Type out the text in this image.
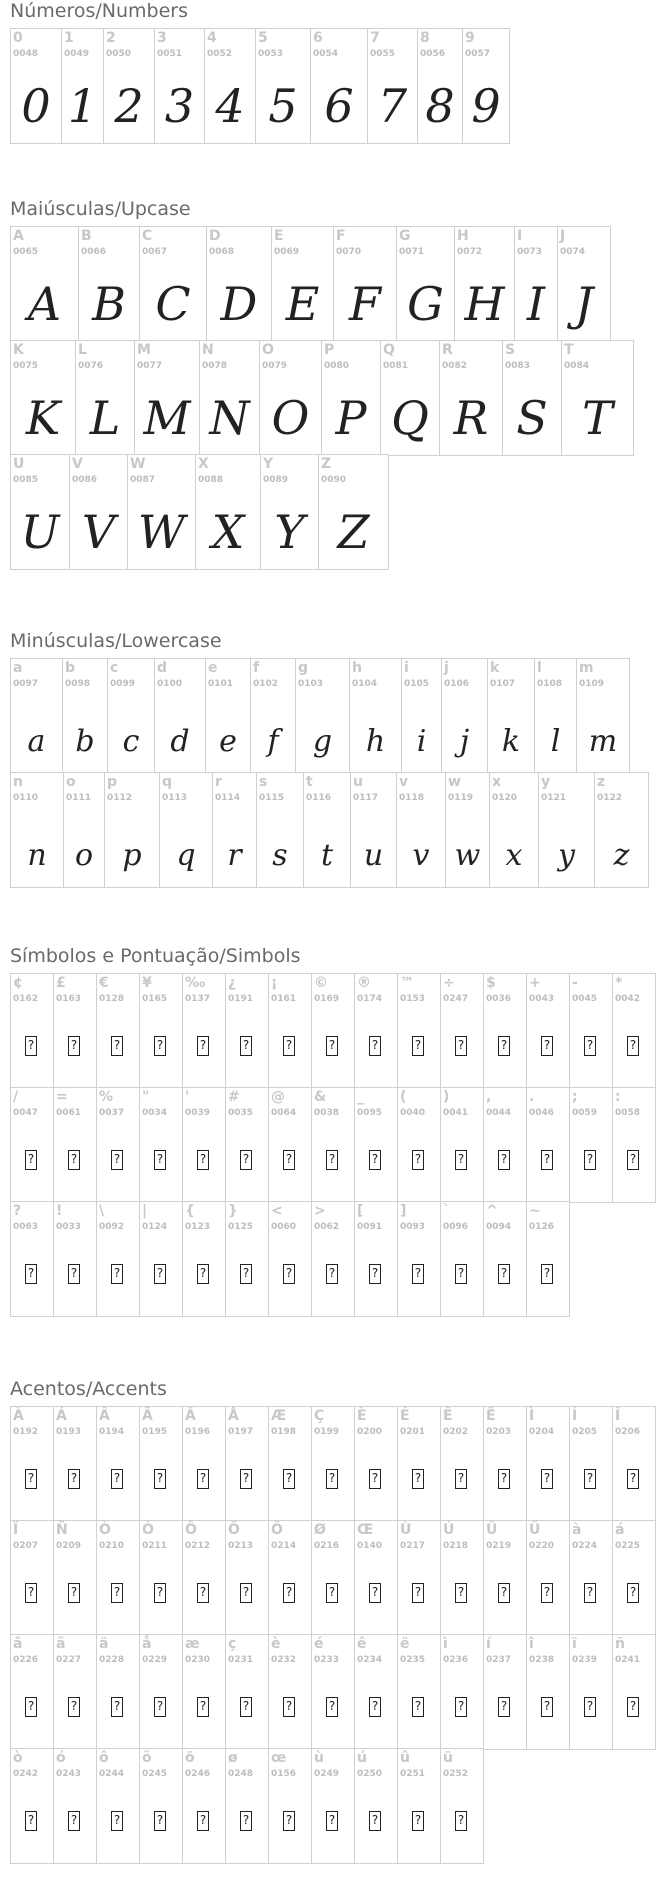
Números/Numbers
0
0048
0
1
0049
1
2
0050
2
3
0051
3
4
0052
4
5
0053
5
6
0054
6
7
0055
7
8
0056
8
9
0057
9
Maiúsculas/Upcase
A
0065
A
B
0066
B
C
0067
C
D
0068
D
E
0069
E
F
0070
F
G
0071
G
H
0072
H
I
0073
I
J
0074
J
K
0075
K
L
0076
L
M
0077
M
N
0078
N
O
0079
O
P
0080
P
Q
0081
Q
R
0082
R
S
0083
S
T
0084
T
U
0085
U
V
0086
V
W
0087
W
X
0088
X
Y
0089
Y
Z
0090
Z
Minúsculas/Lowercase
a
0097
a
b
0098
b
c
0099
c
d
0100
d
e
0101
e
f
0102
f
g
0103
g
h
0104
h
i
0105
i
j
0106
j
k
0107
k
l
0108
l
m
0109
m
n
0110
n
o
0111
o
p
0112
p
q
0113
q
r
0114
r
s
0115
s
t
0116
t
u
0117
u
v
0118
v
w
0119
w
x
0120
x
y
0121
y
z
0122
z
Símbolos e Pontuação/Simbols
¢
0162
?
£
0163
?
€
0128
?
¥
0165
?
‰
0137
?
¿
0191
?
¡
0161
?
©
0169
?
®
0174
?
™
0153
?
÷
0247
?
$
0036
?
+
0043
?
-
0045
?
*
0042
?
/
0047
?
=
0061
?
%
0037
?
"
0034
?
'
0039
?
#
0035
?
@
0064
?
&
0038
?
_
0095
?
(
0040
?
)
0041
?
,
0044
?
.
0046
?
;
0059
?
:
0058
?
?
0063
?
!
0033
?
\
0092
?
|
0124
?
{
0123
?
}
0125
?
<
0060
?
>
0062
?
[
0091
?
]
0093
?
`
0096
?
^
0094
?
~
0126
?
Acentos/Accents
À
0192
?
Á
0193
?
Â
0194
?
Ã
0195
?
Ä
0196
?
Å
0197
?
Æ
0198
?
Ç
0199
?
È
0200
?
É
0201
?
Ê
0202
?
Ë
0203
?
Ì
0204
?
Í
0205
?
Î
0206
?
Ï
0207
?
Ñ
0209
?
Ò
0210
?
Ó
0211
?
Ô
0212
?
Õ
0213
?
Ö
0214
?
Ø
0216
?
Œ
0140
?
Ù
0217
?
Ú
0218
?
Û
0219
?
Ü
0220
?
à
0224
?
á
0225
?
â
0226
?
ã
0227
?
ä
0228
?
å
0229
?
æ
0230
?
ç
0231
?
è
0232
?
é
0233
?
ê
0234
?
ë
0235
?
ì
0236
?
í
0237
?
î
0238
?
ï
0239
?
ñ
0241
?
ò
0242
?
ó
0243
?
ô
0244
?
õ
0245
?
ö
0246
?
ø
0248
?
œ
0156
?
ù
0249
?
ú
0250
?
û
0251
?
ü
0252
?
